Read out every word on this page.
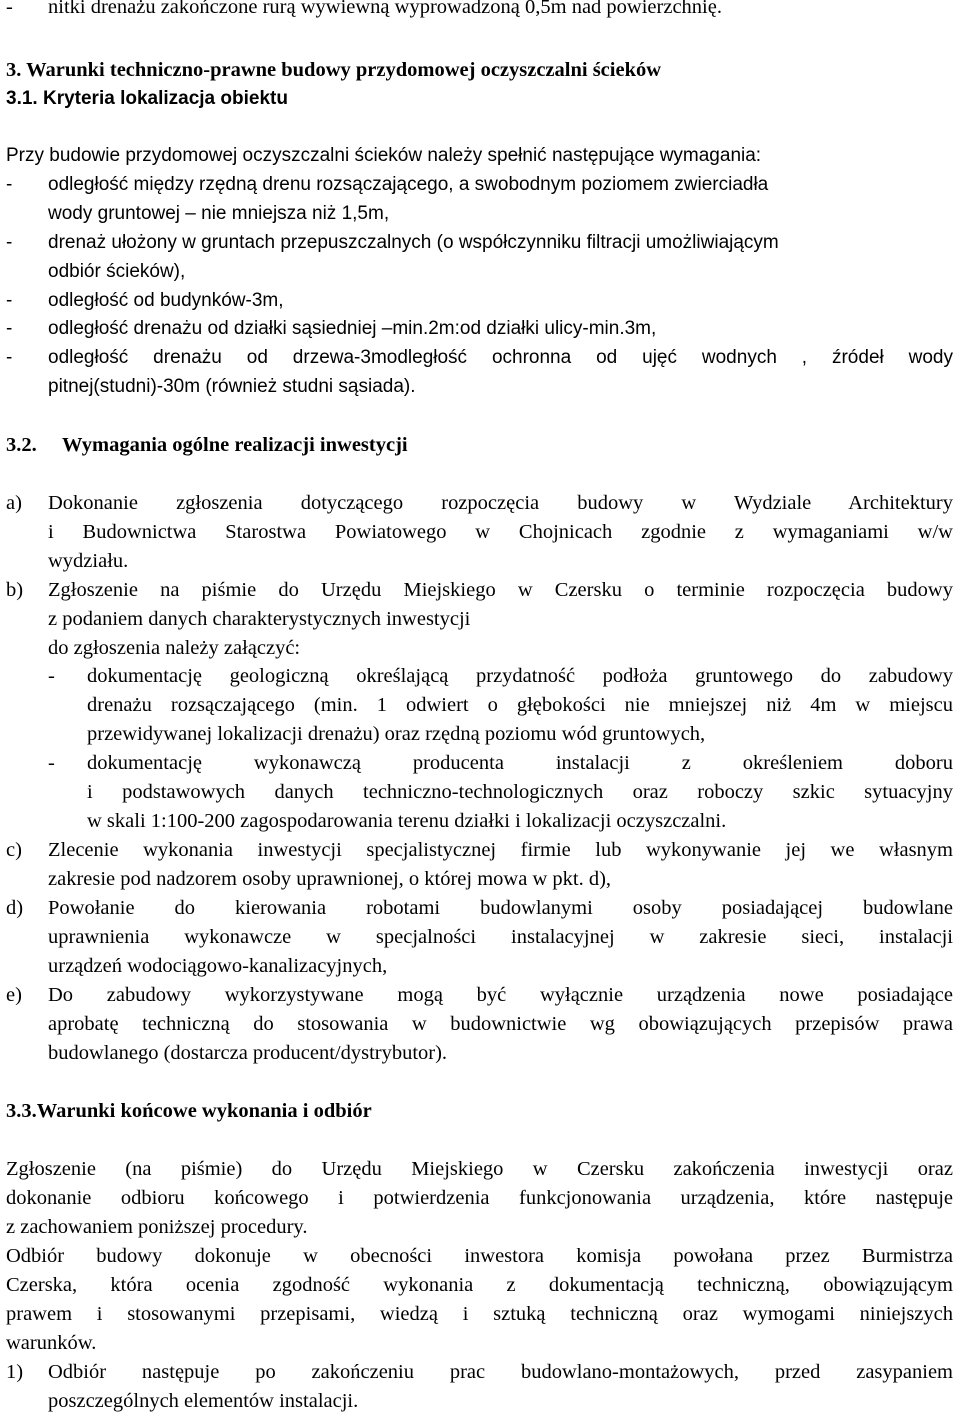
- nitki drenażu zakończone rurą wywiewną wyprowadzoną 0,5m nad powierzchnię.
3. Warunki techniczno-prawne budowy przydomowej oczyszczalni ścieków
3.1. Kryteria lokalizacja obiektu
Przy budowie przydomowej oczyszczalni ścieków należy spełnić następujące wymagania:
- odległość między rzędną drenu rozsączającego, a swobodnym poziomem zwierciadła
wody gruntowej – nie mniejsza niż 1,5m,
- drenaż ułożony w gruntach przepuszczalnych (o współczynniku filtracji umożliwiającym
odbiór ścieków),
- odległość od budynków-3m,
- odległość drenażu od działki sąsiedniej –min.2m:od działki ulicy-min.3m,
- odległość drenażu od drzewa-3modległość ochronna od ujęć wodnych , źródeł wody
pitnej(studni)-30m (również studni sąsiada).
3.2. Wymagania ogólne realizacji inwestycji
a) Dokonanie zgłoszenia dotyczącego rozpoczęcia budowy w Wydziale Architektury
i Budownictwa Starostwa Powiatowego w Chojnicach zgodnie z wymaganiami w/w
wydziału.
b) Zgłoszenie na piśmie do Urzędu Miejskiego w Czersku o terminie rozpoczęcia budowy
z podaniem danych charakterystycznych inwestycji
do zgłoszenia należy załączyć:
- dokumentację geologiczną określającą przydatność podłoża gruntowego do zabudowy
drenażu rozsączającego (min. 1 odwiert o głębokości nie mniejszej niż 4m w miejscu
przewidywanej lokalizacji drenażu) oraz rzędną poziomu wód gruntowych,
- dokumentację wykonawczą producenta instalacji z określeniem doboru
i podstawowych danych techniczno-technologicznych oraz roboczy szkic sytuacyjny
w skali 1:100-200 zagospodarowania terenu działki i lokalizacji oczyszczalni.
c) Zlecenie wykonania inwestycji specjalistycznej firmie lub wykonywanie jej we własnym
zakresie pod nadzorem osoby uprawnionej, o której mowa w pkt. d),
d) Powołanie do kierowania robotami budowlanymi osoby posiadającej budowlane
uprawnienia wykonawcze w specjalności instalacyjnej w zakresie sieci, instalacji
urządzeń wodociągowo-kanalizacyjnych,
e) Do zabudowy wykorzystywane mogą być wyłącznie urządzenia nowe posiadające
aprobatę techniczną do stosowania w budownictwie wg obowiązujących przepisów prawa
budowlanego (dostarcza producent/dystrybutor).
3.3.Warunki końcowe wykonania i odbiór
Zgłoszenie (na piśmie) do Urzędu Miejskiego w Czersku zakończenia inwestycji oraz
dokonanie odbioru końcowego i potwierdzenia funkcjonowania urządzenia, które następuje
z zachowaniem poniższej procedury.
Odbiór budowy dokonuje w obecności inwestora komisja powołana przez Burmistrza
Czerska, która ocenia zgodność wykonania z dokumentacją techniczną, obowiązującym
prawem i stosowanymi przepisami, wiedzą i sztuką techniczną oraz wymogami niniejszych
warunków.
1) Odbiór następuje po zakończeniu prac budowlano-montażowych, przed zasypaniem
poszczególnych elementów instalacji.
